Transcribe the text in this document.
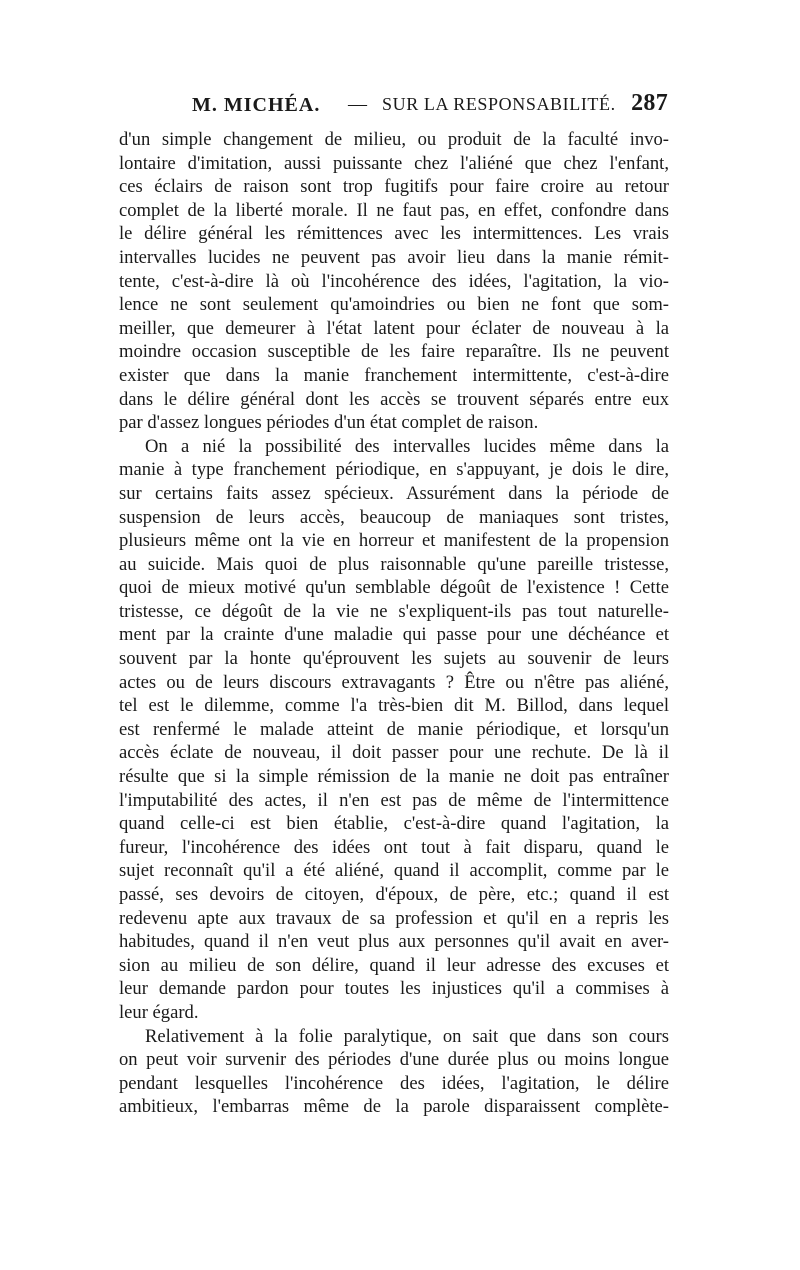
M. MICHÉA. — SUR LA RESPONSABILITÉ. 287
d'un simple changement de milieu, ou produit de la faculté invo-
lontaire d'imitation, aussi puissante chez l'aliéné que chez l'enfant,
ces éclairs de raison sont trop fugitifs pour faire croire au retour
complet de la liberté morale. Il ne faut pas, en effet, confondre dans
le délire général les rémittences avec les intermittences. Les vrais
intervalles lucides ne peuvent pas avoir lieu dans la manie rémit-
tente, c'est-à-dire là où l'incohérence des idées, l'agitation, la vio-
lence ne sont seulement qu'amoindries ou bien ne font que som-
meiller, que demeurer à l'état latent pour éclater de nouveau à la
moindre occasion susceptible de les faire reparaître. Ils ne peuvent
exister que dans la manie franchement intermittente, c'est-à-dire
dans le délire général dont les accès se trouvent séparés entre eux
par d'assez longues périodes d'un état complet de raison.
On a nié la possibilité des intervalles lucides même dans la
manie à type franchement périodique, en s'appuyant, je dois le dire,
sur certains faits assez spécieux. Assurément dans la période de
suspension de leurs accès, beaucoup de maniaques sont tristes,
plusieurs même ont la vie en horreur et manifestent de la propension
au suicide. Mais quoi de plus raisonnable qu'une pareille tristesse,
quoi de mieux motivé qu'un semblable dégoût de l'existence ! Cette
tristesse, ce dégoût de la vie ne s'expliquent-ils pas tout naturelle-
ment par la crainte d'une maladie qui passe pour une déchéance et
souvent par la honte qu'éprouvent les sujets au souvenir de leurs
actes ou de leurs discours extravagants ? Être ou n'être pas aliéné,
tel est le dilemme, comme l'a très-bien dit M. Billod, dans lequel
est renfermé le malade atteint de manie périodique, et lorsqu'un
accès éclate de nouveau, il doit passer pour une rechute. De là il
résulte que si la simple rémission de la manie ne doit pas entraîner
l'imputabilité des actes, il n'en est pas de même de l'intermittence
quand celle-ci est bien établie, c'est-à-dire quand l'agitation, la
fureur, l'incohérence des idées ont tout à fait disparu, quand le
sujet reconnaît qu'il a été aliéné, quand il accomplit, comme par le
passé, ses devoirs de citoyen, d'époux, de père, etc.; quand il est
redevenu apte aux travaux de sa profession et qu'il en a repris les
habitudes, quand il n'en veut plus aux personnes qu'il avait en aver-
sion au milieu de son délire, quand il leur adresse des excuses et
leur demande pardon pour toutes les injustices qu'il a commises à
leur égard.
Relativement à la folie paralytique, on sait que dans son cours
on peut voir survenir des périodes d'une durée plus ou moins longue
pendant lesquelles l'incohérence des idées, l'agitation, le délire
ambitieux, l'embarras même de la parole disparaissent complète-
